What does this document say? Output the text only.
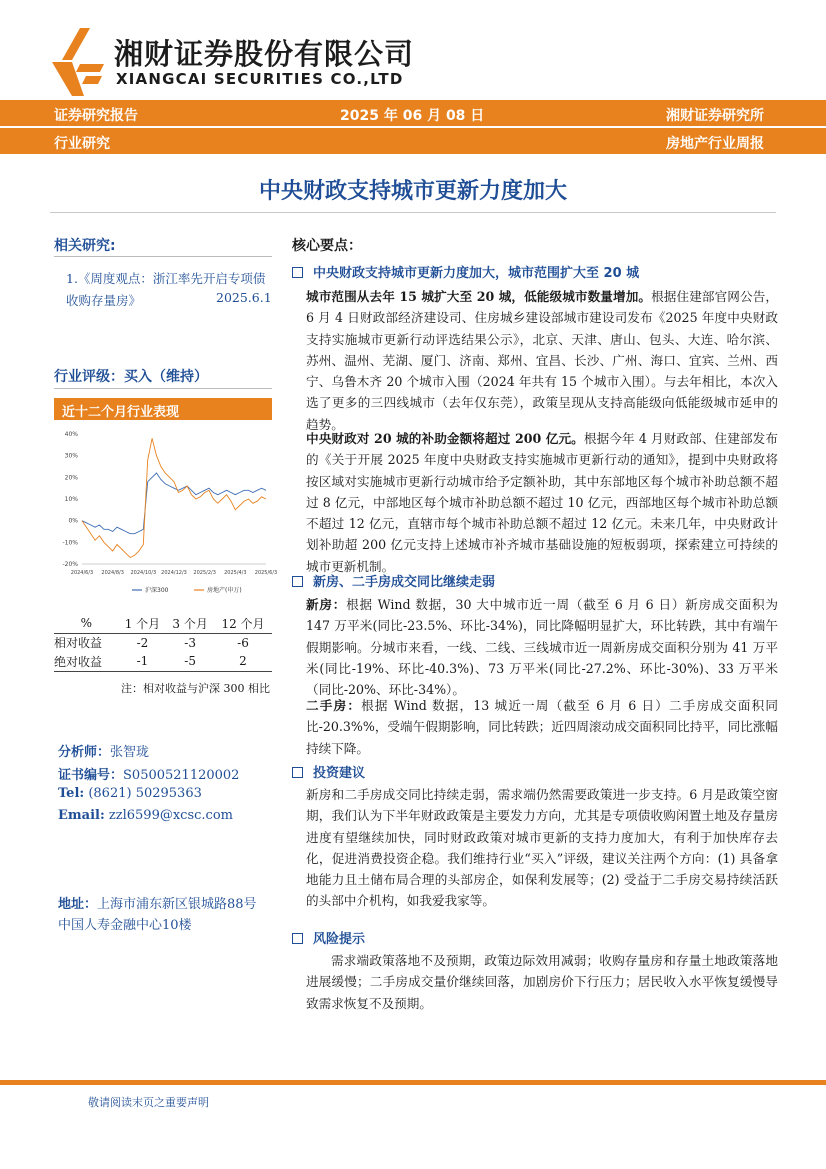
湘财证券股份有限公司
XIANGCAI SECURITIES CO.,LTD
证券研究报告	2025 年 06 月 08 日	湘财证券研究所
行业研究	房地产行业周报
中央财政支持城市更新力度加大
相关研究:
1.《周度观点：浙江率先开启专项债收购存量房》	2025.6.1
行业评级：买入（维持）
近十二个月行业表现
40%
30%
20%
10%
0%
-10%
-20%
2024/6/3 2024/8/3 2024/10/3 2024/12/3 2025/2/3 2025/4/3 2025/6/3
沪深300	房地产(申万)
%	1 个月	3 个月	12 个月
相对收益	-2	-3	-6
绝对收益	-1	-5	2
注：相对收益与沪深 300 相比
分析师：张智珑
证书编号：S0500521120002
Tel: (8621) 50295363
Email: zzl6599@xcsc.com
地址：上海市浦东新区银城路88号
中国人寿金融中心10楼
核心要点：
中央财政支持城市更新力度加大，城市范围扩大至 20 城
城市范围从去年 15 城扩大至 20 城，低能级城市数量增加。根据住建部官网公告，6 月 4 日财政部经济建设司、住房城乡建设部城市建设司发布《2025 年度中央财政支持实施城市更新行动评选结果公示》，北京、天津、唐山、包头、大连、哈尔滨、苏州、温州、芜湖、厦门、济南、郑州、宜昌、长沙、广州、海口、宜宾、兰州、西宁、乌鲁木齐 20 个城市入围（2024 年共有 15 个城市入围）。与去年相比，本次入选了更多的三四线城市（去年仅东莞），政策呈现从支持高能级向低能级城市延申的趋势。
中央财政对 20 城的补助金额将超过 200 亿元。根据今年 4 月财政部、住建部发布的《关于开展 2025 年度中央财政支持实施城市更新行动的通知》，提到中央财政将按区域对实施城市更新行动城市给予定额补助，其中东部地区每个城市补助总额不超过 8 亿元，中部地区每个城市补助总额不超过 10 亿元，西部地区每个城市补助总额不超过 12 亿元，直辖市每个城市补助总额不超过 12 亿元。未来几年，中央财政计划补助超 200 亿元支持上述城市补齐城市基础设施的短板弱项，探索建立可持续的城市更新机制。
新房、二手房成交同比继续走弱
新房：根据 Wind 数据，30 大中城市近一周（截至 6 月 6 日）新房成交面积为 147 万平米(同比-23.5%、环比-34%)，同比降幅明显扩大，环比转跌，其中有端午假期影响。分城市来看，一线、二线、三线城市近一周新房成交面积分别为 41 万平米(同比-19%、环比-40.3%)、73 万平米(同比-27.2%、环比-30%)、33 万平米（同比-20%、环比-34%）。
二手房：根据 Wind 数据，13 城近一周（截至 6 月 6 日）二手房成交面积同比-20.3%%，受端午假期影响，同比转跌；近四周滚动成交面积同比持平，同比涨幅持续下降。
投资建议
新房和二手房成交同比持续走弱，需求端仍然需要政策进一步支持。6 月是政策空窗期，我们认为下半年财政政策是主要发力方向，尤其是专项债收购闲置土地及存量房进度有望继续加快，同时财政政策对城市更新的支持力度加大，有利于加快库存去化，促进消费投资企稳。我们维持行业“买入”评级，建议关注两个方向：(1) 具备拿地能力且土储布局合理的头部房企，如保利发展等；(2) 受益于二手房交易持续活跃的头部中介机构，如我爱我家等。
风险提示
需求端政策落地不及预期，政策边际效用减弱；收购存量房和存量土地政策落地进展缓慢；二手房成交量价继续回落，加剧房价下行压力；居民收入水平恢复缓慢导致需求恢复不及预期。
敬请阅读末页之重要声明
